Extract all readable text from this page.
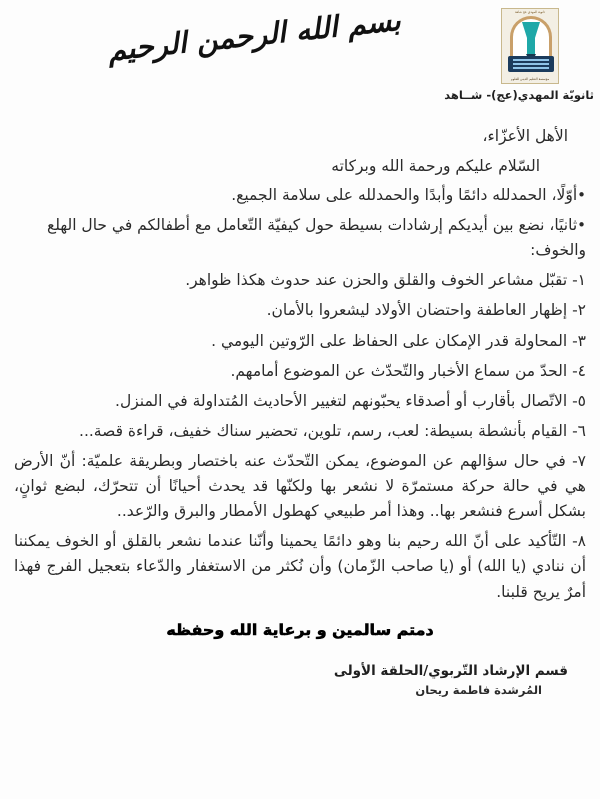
بسم الله الرحمن الرحيم	ثانوية المهدي عج شاهد
مؤسسة التعليم الديني للعلوم
ثانويّة المهدي(عج)- شــاهد
الأهل الأعزّاء،
السّلام عليكم ورحمة الله وبركاته
•أوّلًا، الحمدلله دائمًا وأبدًا والحمدلله على سلامة الجميع.
•ثانيًا، نضع بين أيديكم إرشادات بسيطة حول كيفيّة التّعامل مع أطفالكم في حال الهلع والخوف:
١- تقبّل مشاعر الخوف والقلق والحزن عند حدوث هكذا ظواهر.
٢- إظهار العاطفة واحتضان الأولاد ليشعروا بالأمان.
٣- المحاولة قدر الإمكان على الحفاظ على الرّوتين اليومي .
٤- الحدّ من سماع الأخبار والتّحدّث عن الموضوع أمامهم.
٥- الاتّصال بأقارب أو أصدقاء يحبّونهم لتغيير الأحاديث المُتداولة في المنزل.
٦- القيام بأنشطة بسيطة: لعب، رسم، تلوين، تحضير سناك خفيف، قراءة قصة...
٧- في حال سؤالهم عن الموضوع، يمكن التّحدّث عنه باختصار وبطريقة علميّة: أنّ الأرض هي في حالة حركة مستمرّة لا نشعر بها ولكنّها قد يحدث أحيانًا أن تتحرّك، لبضع ثوانٍ، بشكل أسرع فنشعر بها.. وهذا أمر طبيعي كهطول الأمطار والبرق والرّعد..
٨- التّأكيد على أنّ الله رحيم بنا وهو دائمًا يحمينا وأنّنا عندما نشعر بالقلق أو الخوف يمكننا أن ننادي (يا الله) أو (يا صاحب الزّمان) وأن نُكثر من الاستغفار والدّعاء بتعجيل الفرج فهذا أمرٌ يريح قلبنا.
دمتم سالمين و برعاية الله وحفظه
قسم الإرشاد التّربوي/الحلقة الأولى
المُرشدة فاطمة ريحان
